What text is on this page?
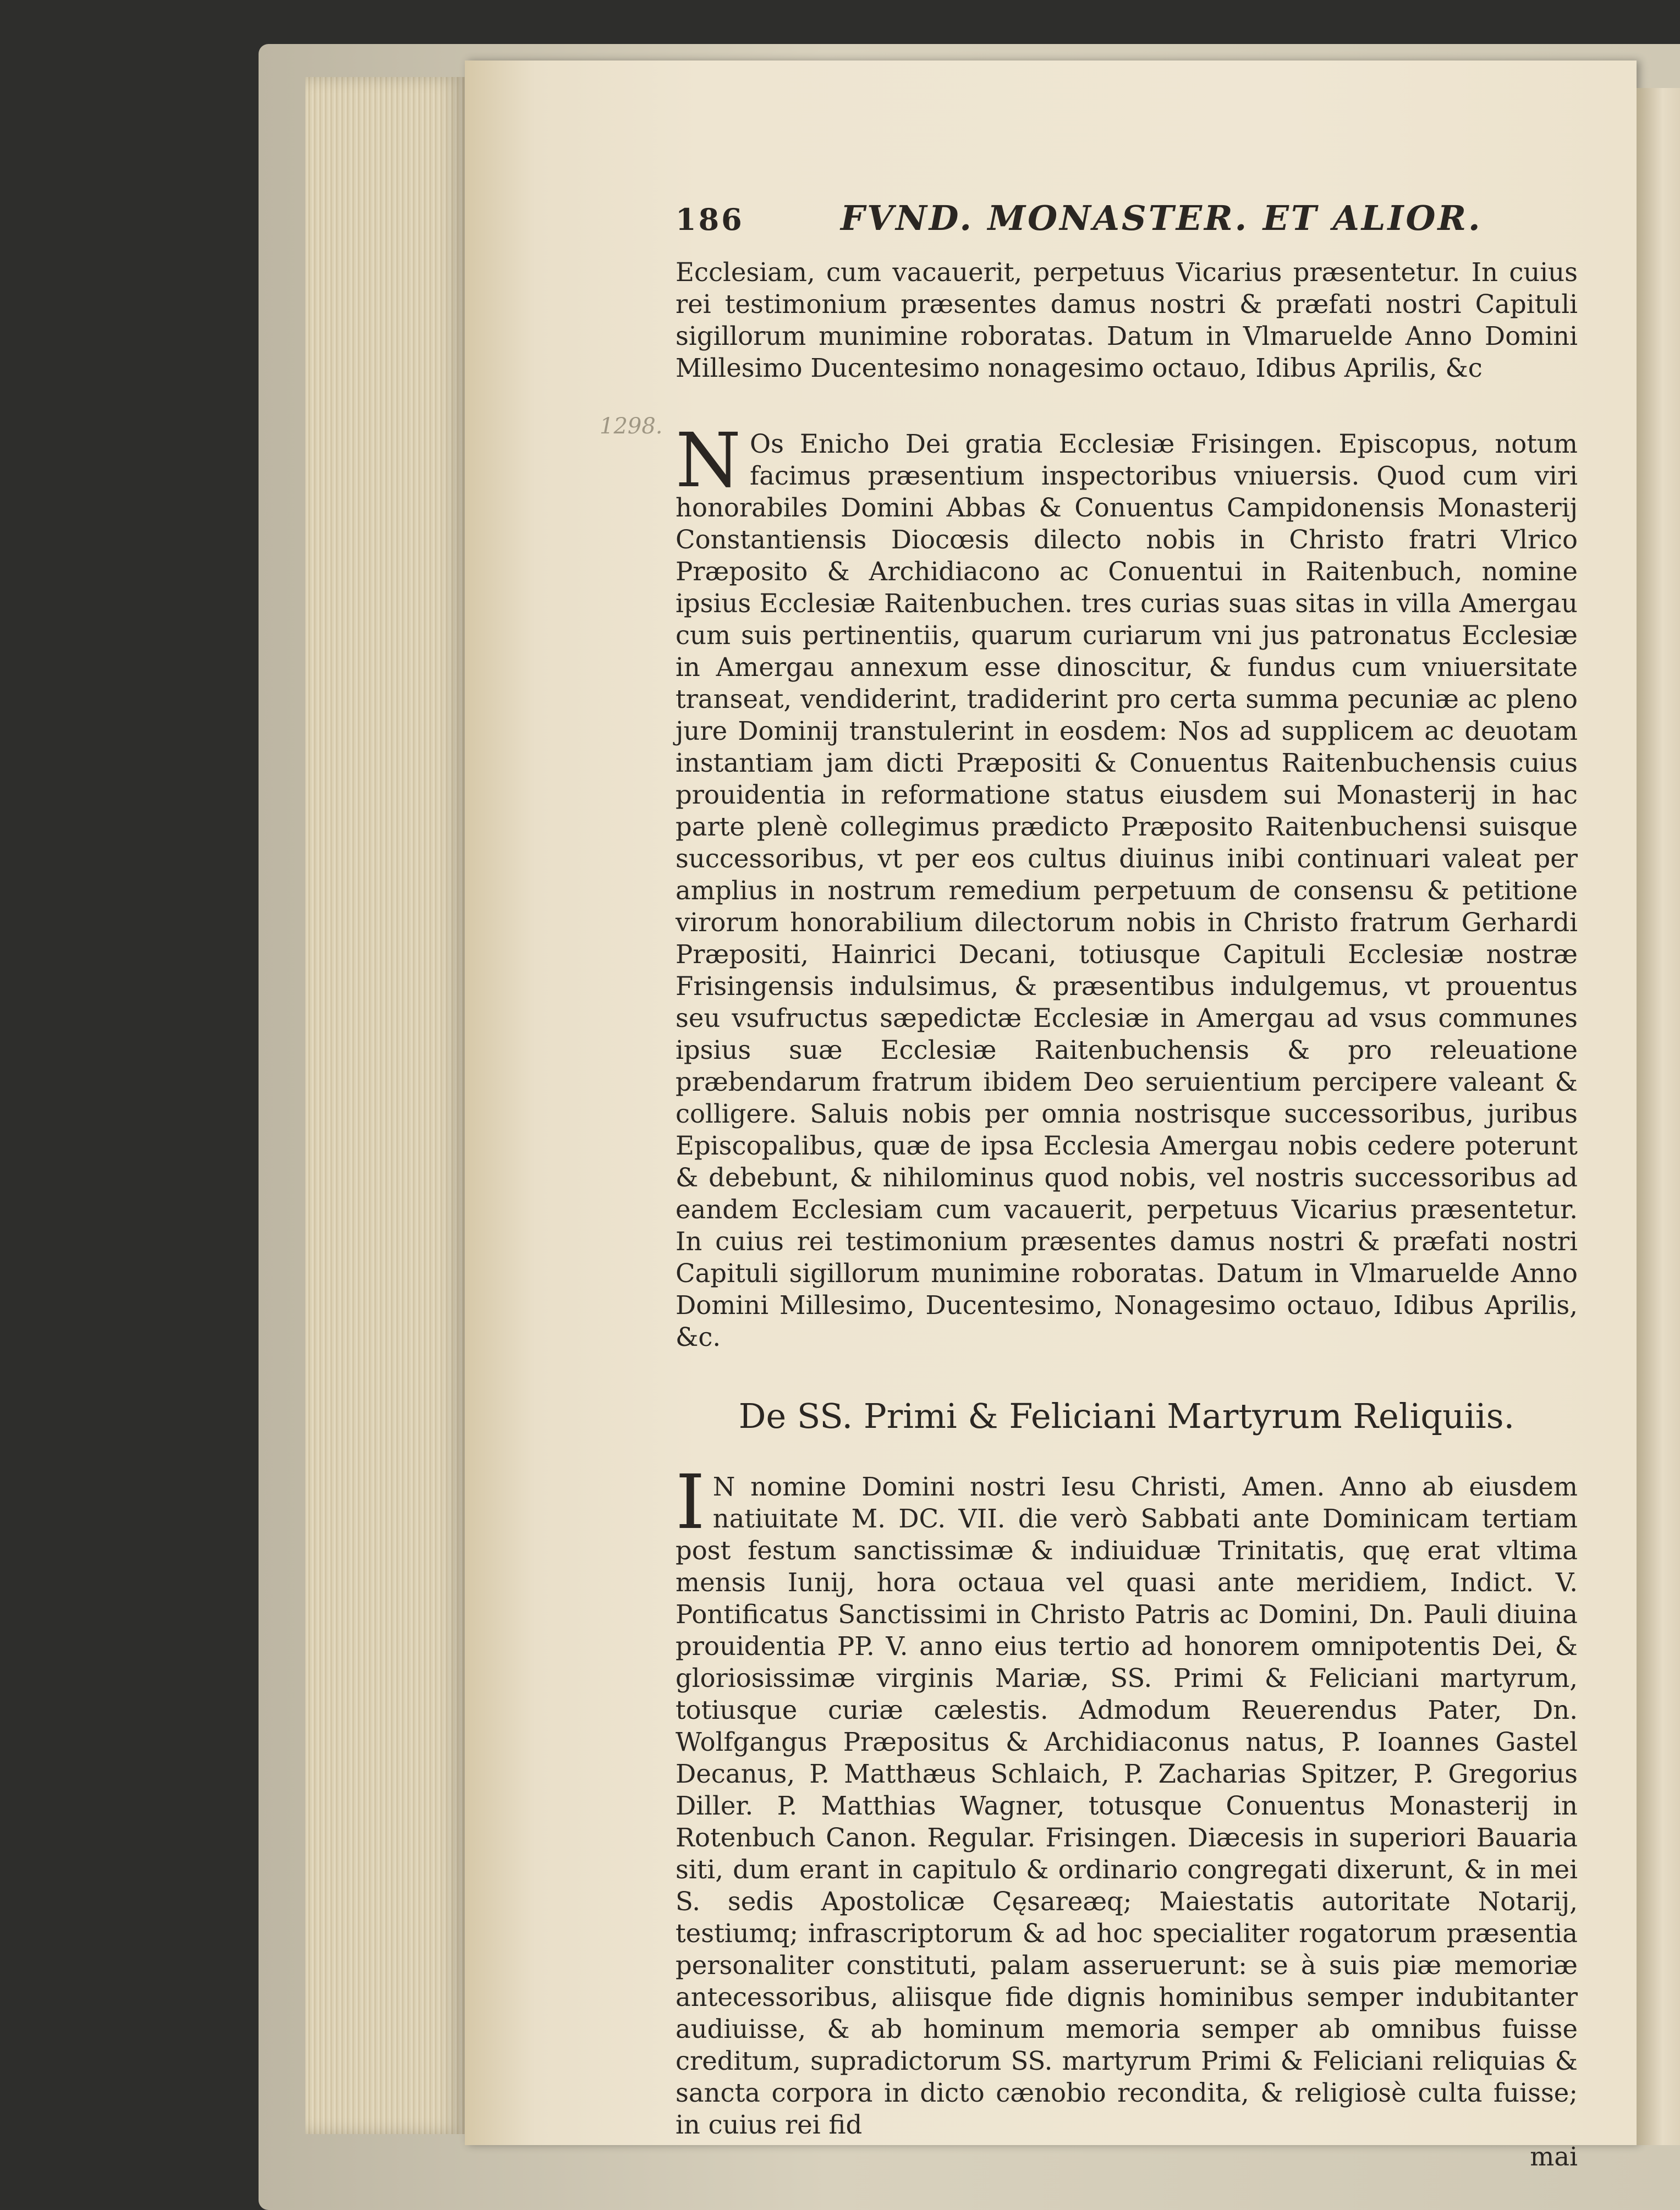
1298.
186	FVND. MONASTER. ET ALIOR.

Ecclesiam, cum vacauerit, perpetuus Vicarius præsentetur. In cuius rei testimonium præsentes damus nostri & præfati nostri Capituli sigillorum munimine roboratas. Datum in Vlmaruelde Anno Domini Millesimo Ducentesimo nonagesimo octauo, Idibus Aprilis, &c

N Os Enicho Dei gratia Ecclesiæ Frisingen. Episcopus, notum facimus præsentium inspectoribus vniuersis. Quod cum viri honorabiles Domini Abbas & Conuentus Campidonensis Monasterij Constantiensis Diocœsis dilecto nobis in Christo fratri Vlrico Præposito & Archidiacono ac Conuentui in Raitenbuch, nomine ipsius Ecclesiæ Raitenbuchen. tres curias suas sitas in villa Amergau cum suis pertinentiis, quarum curiarum vni jus patronatus Ecclesiæ in Amergau annexum esse dinoscitur, & fundus cum vniuersitate transeat, vendiderint, tradiderint pro certa summa pecuniæ ac pleno jure Dominij transtulerint in eosdem: Nos ad supplicem ac deuotam instantiam jam dicti Præpositi & Conuentus Raitenbuchensis cuius prouidentia in reformatione status eiusdem sui Monasterij in hac parte plenè collegimus prædicto Præposito Raitenbuchensi suisque successoribus, vt per eos cultus diuinus inibi continuari valeat per amplius in nostrum remedium perpetuum de consensu & petitione virorum honorabilium dilectorum nobis in Christo fratrum Gerhardi Præpositi, Hainrici Decani, totiusque Capituli Ecclesiæ nostræ Frisingensis indulsimus, & præsentibus indulgemus, vt prouentus seu vsufructus sæpedictæ Ecclesiæ in Amergau ad vsus communes ipsius suæ Ecclesiæ Raitenbuchensis & pro releuatione præbendarum fratrum ibidem Deo seruientium percipere valeant & colligere. Saluis nobis per omnia nostrisque successoribus, juribus Episcopalibus, quæ de ipsa Ecclesia Amergau nobis cedere poterunt & debebunt, & nihilominus quod nobis, vel nostris successoribus ad eandem Ecclesiam cum vacauerit, perpetuus Vicarius præsentetur. In cuius rei testimonium præsentes damus nostri & præfati nostri Capituli sigillorum munimine roboratas. Datum in Vlmaruelde Anno Domini Millesimo, Ducentesimo, Nonagesimo octauo, Idibus Aprilis, &c.

De SS. Primi & Feliciani Martyrum Reliquiis.
I N nomine Domini nostri Iesu Christi, Amen. Anno ab eiusdem natiuitate M. DC. VII. die verò Sabbati ante Dominicam tertiam post festum sanctissimæ & indiuiduæ Trinitatis, quę erat vltima mensis Iunij, hora octaua vel quasi ante meridiem, Indict. V. Pontificatus Sanctissimi in Christo Patris ac Domini, Dn. Pauli diuina prouidentia PP. V. anno eius tertio ad honorem omnipotentis Dei, & gloriosissimæ virginis Mariæ, SS. Primi & Feliciani martyrum, totiusque curiæ cælestis. Admodum Reuerendus Pater, Dn. Wolfgangus Præpositus & Archidiaconus natus, P. Ioannes Gastel Decanus, P. Matthæus Schlaich, P. Zacharias Spitzer, P. Gregorius Diller. P. Matthias Wagner, totusque Conuentus Monasterij in Rotenbuch Canon. Regular. Frisingen. Diæcesis in superiori Bauaria siti, dum erant in capitulo & ordinario congregati dixerunt, & in mei S. sedis Apostolicæ Cęsareæq; Maiestatis autoritate Notarij, testiumq; infrascriptorum & ad hoc specialiter rogatorum præsentia personaliter constituti, palam asseruerunt: se à suis piæ memoriæ antecessoribus, aliisque fide dignis hominibus semper indubitanter audiuisse, & ab hominum memoria semper ab omnibus fuisse creditum, supradictorum SS. martyrum Primi & Feliciani reliquias & sancta corpora in dicto cænobio recondita, & religiosè culta fuisse; in cuius rei fid

mai
